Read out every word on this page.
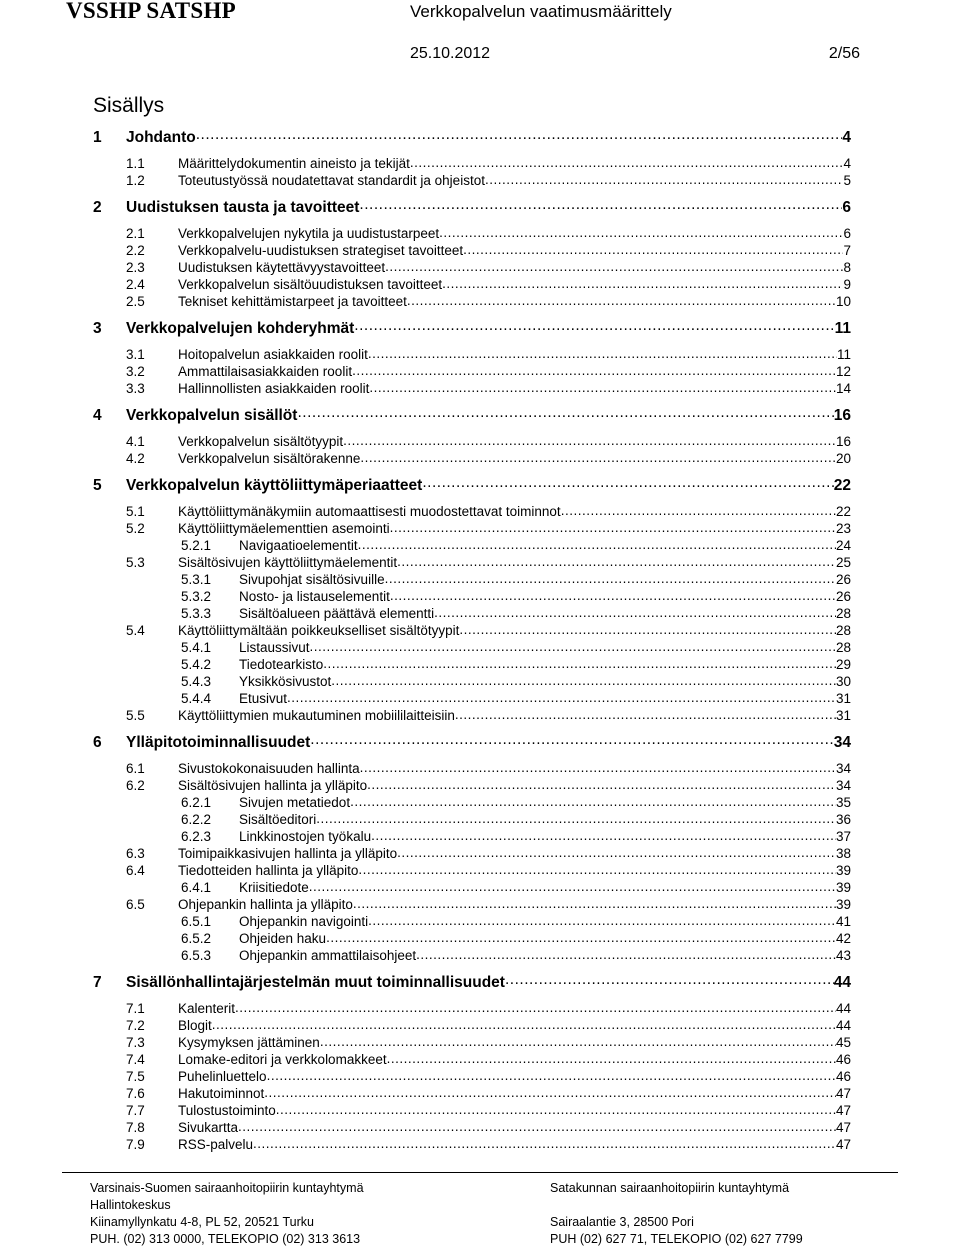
VSSHP SATSHP	Verkkopalvelun vaatimusmäärittely
25.10.2012	2/56
Sisällys
1	Johdanto .....	4
1.1	Määrittelydokumentin aineisto ja tekijät .....	4
1.2	Toteutustyössä noudatettavat standardit ja ohjeistot .....	5
2	Uudistuksen tausta ja tavoitteet .....	6
2.1	Verkkopalvelujen nykytila ja uudistustarpeet .....	6
2.2	Verkkopalvelu-uudistuksen strategiset tavoitteet .....	7
2.3	Uudistuksen käytettävyystavoitteet .....	8
2.4	Verkkopalvelun sisältöuudistuksen tavoitteet .....	9
2.5	Tekniset kehittämistarpeet ja tavoitteet .....	10
3	Verkkopalvelujen kohderyhmät .....	11
3.1	Hoitopalvelun asiakkaiden roolit .....	11
3.2	Ammattilaisasiakkaiden roolit .....	12
3.3	Hallinnollisten asiakkaiden roolit .....	14
4	Verkkopalvelun sisällöt .....	16
4.1	Verkkopalvelun sisältötyypit .....	16
4.2	Verkkopalvelun sisältörakenne .....	20
5	Verkkopalvelun käyttöliittymäperiaatteet .....	22
5.1	Käyttöliittymänäkymiin automaattisesti muodostettavat toiminnot .....	22
5.2	Käyttöliittymäelementtien asemointi .....	23
5.2.1	Navigaatioelementit .....	24
5.3	Sisältösivujen käyttöliittymäelementit .....	25
5.3.1	Sivupohjat sisältösivuille .....	26
5.3.2	Nosto- ja listauselementit .....	26
5.3.3	Sisältöalueen päättävä elementti .....	28
5.4	Käyttöliittymältään poikkeukselliset sisältötyypit .....	28
5.4.1	Listaussivut .....	28
5.4.2	Tiedotearkisto .....	29
5.4.3	Yksikkösivustot .....	30
5.4.4	Etusivut .....	31
5.5	Käyttöliittymien mukautuminen mobiililaitteisiin .....	31
6	Ylläpitotoiminnallisuudet .....	34
6.1	Sivustokokonaisuuden hallinta .....	34
6.2	Sisältösivujen hallinta ja ylläpito .....	34
6.2.1	Sivujen metatiedot .....	35
6.2.2	Sisältöeditori .....	36
6.2.3	Linkkinostojen työkalu .....	37
6.3	Toimipaikkasivujen hallinta ja ylläpito .....	38
6.4	Tiedotteiden hallinta ja ylläpito .....	39
6.4.1	Kriisitiedote .....	39
6.5	Ohjepankin hallinta ja ylläpito .....	39
6.5.1	Ohjepankin navigointi .....	41
6.5.2	Ohjeiden haku .....	42
6.5.3	Ohjepankin ammattilaisohjeet .....	43
7	Sisällönhallintajärjestelmän muut toiminnallisuudet .....	44
7.1	Kalenterit .....	44
7.2	Blogit .....	44
7.3	Kysymyksen jättäminen .....	45
7.4	Lomake-editori ja verkkolomakkeet .....	46
7.5	Puhelinluettelo .....	46
7.6	Hakutoiminnot .....	47
7.7	Tulostustoiminto .....	47
7.8	Sivukartta .....	47
7.9	RSS-palvelu .....	47
Varsinais-Suomen sairaanhoitopiirin kuntayhtymä
Hallintokeskus
Kiinamyllynkatu 4-8, PL 52, 20521 Turku
PUH. (02) 313 0000, TELEKOPIO (02) 313 3613
Satakunnan sairaanhoitopiirin kuntayhtymä

Sairaalantie 3, 28500 Pori
PUH (02) 627 71, TELEKOPIO (02) 627 7799
